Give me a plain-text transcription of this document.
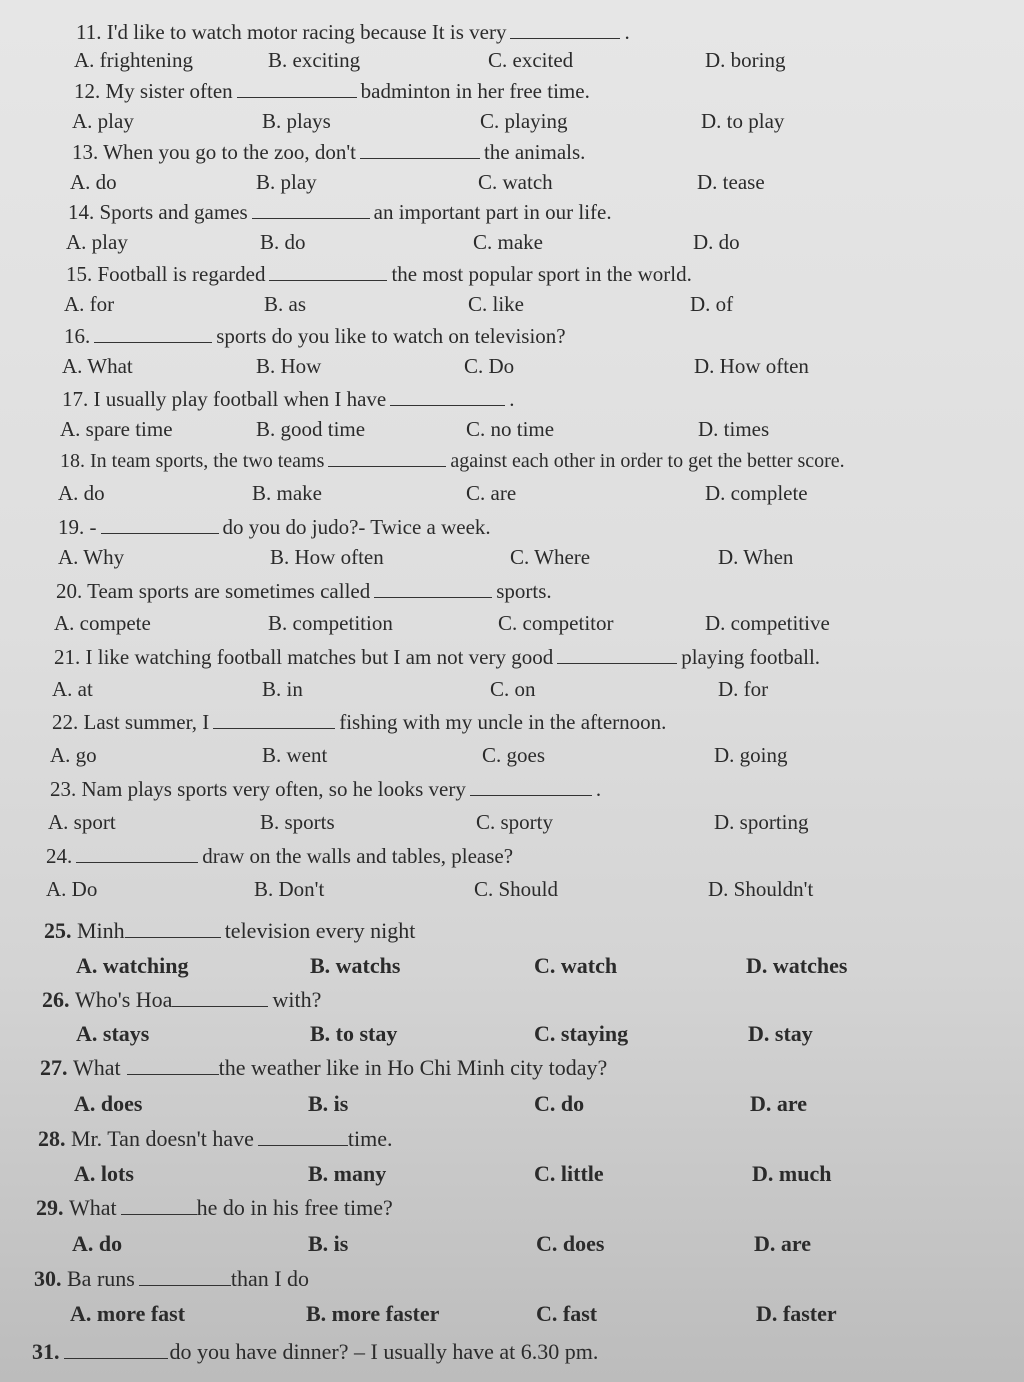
11. I'd like to watch motor racing because It is very	.
A. frightening	B. exciting	C. excited	D. boring
12. My sister often	badminton in her free time.
A. play	B. plays	C. playing	D. to play
13. When you go to the zoo, don't	the animals.
A. do	B. play	C. watch	D. tease
14. Sports and games	an important part in our life.
A. play	B. do	C. make	D. do
15. Football is regarded	the most popular sport in the world.
A. for	B. as	C. like	D. of
16.	sports do you like to watch on television?
A. What	B. How	C. Do	D. How often
17. I usually play football when I have	.
A. spare time	B. good time	C. no time	D. times
18. In team sports, the two teams	against each other in order to get the better score.
A. do	B. make	C. are	D. complete
19. -	do you do judo?- Twice a week.
A. Why	B. How often	C. Where	D. When
20. Team sports are sometimes called	sports.
A. compete	B. competition	C. competitor	D. competitive
21. I like watching football matches but I am not very good	playing football.
A. at	B. in	C. on	D. for
22. Last summer, I	fishing with my uncle in the afternoon.
A. go	B. went	C. goes	D. going
23. Nam plays sports very often, so he looks very	.
A. sport	B. sports	C. sporty	D. sporting
24.	draw on the walls and tables, please?
A. Do	B. Don't	C. Should	D. Shouldn't
25. Minh	television every night
A. watching	B. watchs	C. watch	D. watches
26. Who's Hoa	with?
A. stays	B. to stay	C. staying	D. stay
27. What	the weather like in Ho Chi Minh city today?
A. does	B. is	C. do	D. are
28. Mr. Tan doesn't have	time.
A. lots	B. many	C. little	D. much
29. What	he do in his free time?
A. do	B. is	C. does	D. are
30. Ba runs	than I do
A. more fast	B. more faster	C. fast	D. faster
31.	do you have dinner? – I usually have at 6.30 pm.
